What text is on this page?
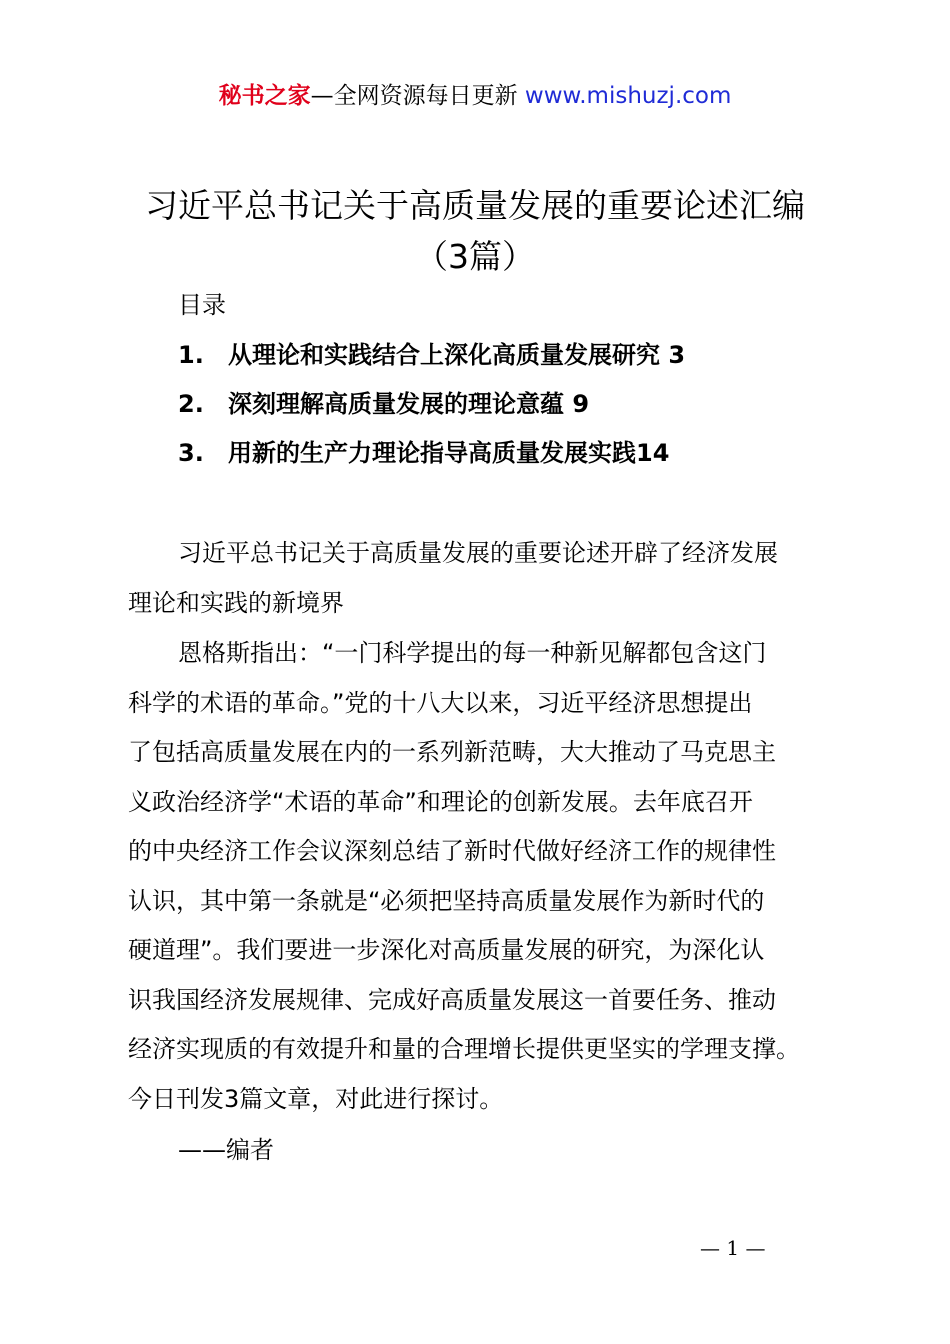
秘书之家—全网资源每日更新 www.mishuzj.com
习近平总书记关于高质量发展的重要论述汇编
（3篇）
目录
1. 从理论和实践结合上深化高质量发展研究 3
2. 深刻理解高质量发展的理论意蕴 9
3. 用新的生产力理论指导高质量发展实践14
习近平总书记关于高质量发展的重要论述开辟了经济发展
理论和实践的新境界
恩格斯指出：“一门科学提出的每一种新见解都包含这门
科学的术语的革命。”党的十八大以来，习近平经济思想提出
了包括高质量发展在内的一系列新范畴，大大推动了马克思主
义政治经济学“术语的革命”和理论的创新发展。去年底召开
的中央经济工作会议深刻总结了新时代做好经济工作的规律性
认识，其中第一条就是“必须把坚持高质量发展作为新时代的
硬道理”。我们要进一步深化对高质量发展的研究，为深化认
识我国经济发展规律、完成好高质量发展这一首要任务、推动
经济实现质的有效提升和量的合理增长提供更坚实的学理支撑。
今日刊发3篇文章，对此进行探讨。
——编者
— 1 —
